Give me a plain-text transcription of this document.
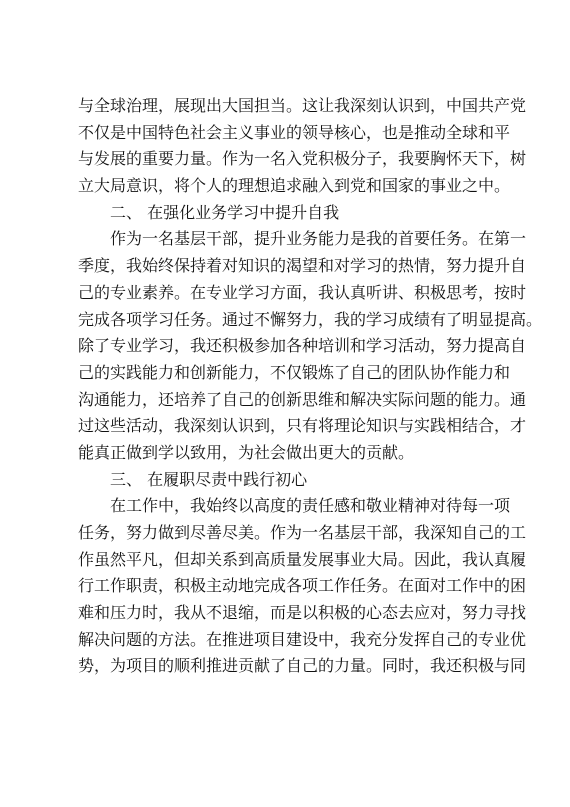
与全球治理，展现出大国担当。这让我深刻认识到，中国共产党
不仅是中国特色社会主义事业的领导核心，也是推动全球和平
与发展的重要力量。作为一名入党积极分子，我要胸怀天下，树
立大局意识，将个人的理想追求融入到党和国家的事业之中。
二、 在强化业务学习中提升自我
作为一名基层干部，提升业务能力是我的首要任务。在第一
季度，我始终保持着对知识的渴望和对学习的热情，努力提升自
己的专业素养。在专业学习方面，我认真听讲、积极思考，按时
完成各项学习任务。通过不懈努力，我的学习成绩有了明显提高。
除了专业学习，我还积极参加各种培训和学习活动，努力提高自
己的实践能力和创新能力，不仅锻炼了自己的团队协作能力和
沟通能力，还培养了自己的创新思维和解决实际问题的能力。通
过这些活动，我深刻认识到，只有将理论知识与实践相结合，才
能真正做到学以致用，为社会做出更大的贡献。
三、 在履职尽责中践行初心
在工作中，我始终以高度的责任感和敬业精神对待每一项
任务，努力做到尽善尽美。作为一名基层干部，我深知自己的工
作虽然平凡，但却关系到高质量发展事业大局。因此，我认真履
行工作职责，积极主动地完成各项工作任务。在面对工作中的困
难和压力时，我从不退缩，而是以积极的心态去应对，努力寻找
解决问题的方法。在推进项目建设中，我充分发挥自己的专业优
势，为项目的顺利推进贡献了自己的力量。同时，我还积极与同
